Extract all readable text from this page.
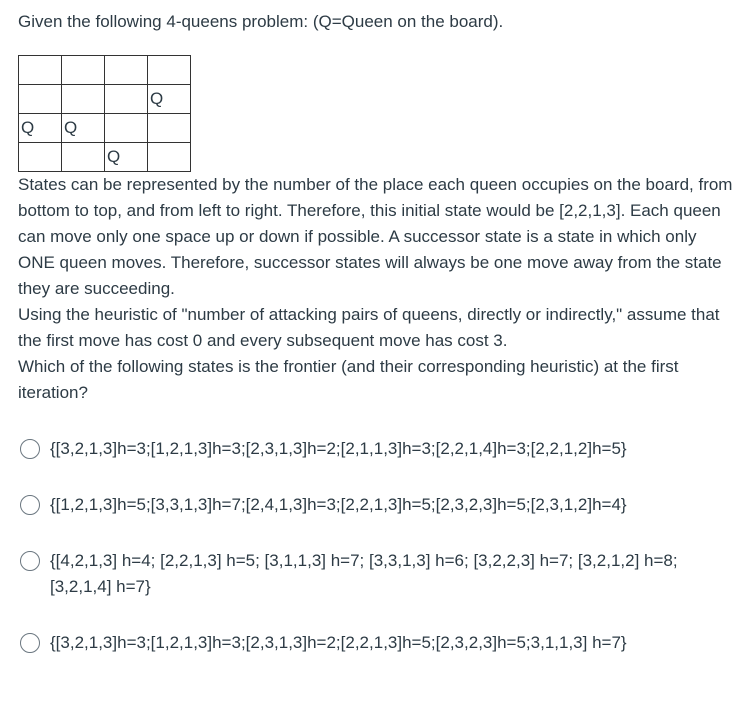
Given the following 4-queens problem: (Q=Queen on the board).

			Q
Q	Q		
		Q	

States can be represented by the number of the place each queen occupies on the board, from bottom to top, and from left to right. Therefore, this initial state would be [2,2,1,3]. Each queen can move only one space up or down if possible. A successor state is a state in which only ONE queen moves. Therefore, successor states will always be one move away from the state they are succeeding.

Using the heuristic of "number of attacking pairs of queens, directly or indirectly," assume that the first move has cost 0 and every subsequent move has cost 3.

Which of the following states is the frontier (and their corresponding heuristic) at the first iteration?

{[3,2,1,3]h=3;[1,2,1,3]h=3;[2,3,1,3]h=2;[2,1,1,3]h=3;[2,2,1,4]h=3;[2,2,1,2]h=5}
{[1,2,1,3]h=5;[3,3,1,3]h=7;[2,4,1,3]h=3;[2,2,1,3]h=5;[2,3,2,3]h=5;[2,3,1,2]h=4}
{[4,2,1,3] h=4; [2,2,1,3] h=5; [3,1,1,3] h=7; [3,3,1,3] h=6; [3,2,2,3] h=7; [3,2,1,2] h=8; [3,2,1,4] h=7}
{[3,2,1,3]h=3;[1,2,1,3]h=3;[2,3,1,3]h=2;[2,2,1,3]h=5;[2,3,2,3]h=5;3,1,1,3] h=7}
